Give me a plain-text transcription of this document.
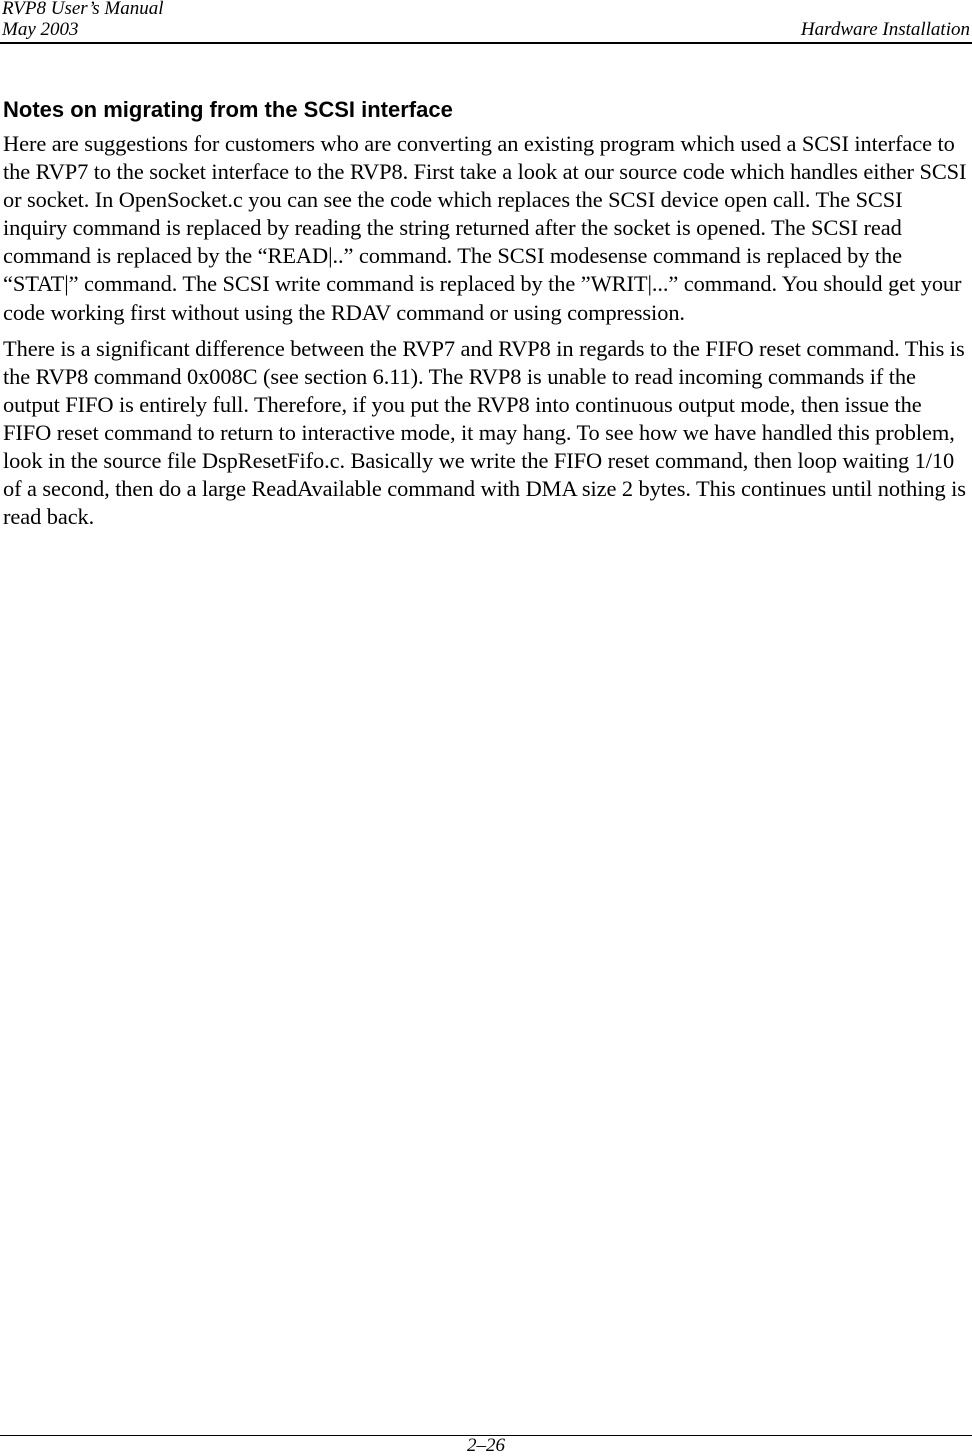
RVP8 User’s Manual
May 2003	Hardware Installation
Notes on migrating from the SCSI interface

Here are suggestions for customers who are converting an existing program which used a SCSI interface to the RVP7 to the socket interface to the RVP8. First take a look at our source code which handles either SCSI or socket. In OpenSocket.c you can see the code which replaces the SCSI device open call. The SCSI inquiry command is replaced by reading the string returned after the socket is opened. The SCSI read command is replaced by the “READ|..” command. The SCSI modesense command is replaced by the “STAT|” command. The SCSI write command is replaced by the ”WRIT|...” command. You should get your code working first without using the RDAV command or using compression.

There is a significant difference between the RVP7 and RVP8 in regards to the FIFO reset command. This is the RVP8 command 0x008C (see section 6.11). The RVP8 is unable to read incoming commands if the output FIFO is entirely full. Therefore, if you put the RVP8 into continuous output mode, then issue the FIFO reset command to return to interactive mode, it may hang. To see how we have handled this problem, look in the source file DspResetFifo.c. Basically we write the FIFO reset command, then loop waiting 1/10 of a second, then do a large ReadAvailable command with DMA size 2 bytes. This continues until nothing is read back.

2–26
